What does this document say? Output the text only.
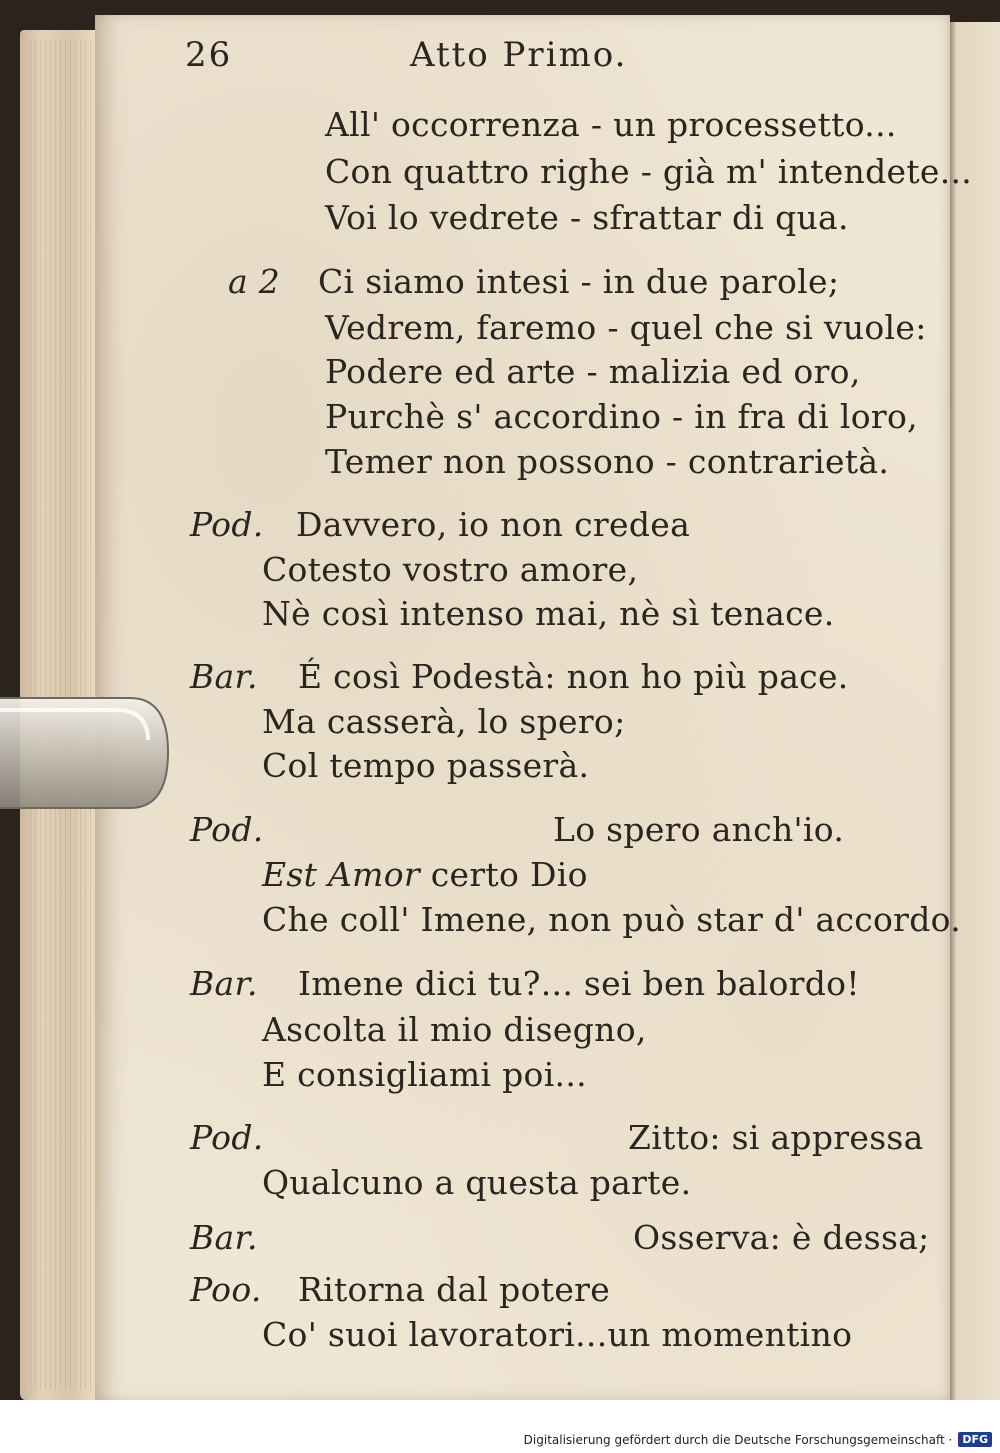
26	Atto Primo.
All' occorrenza - un processetto...
Con quattro righe - già m' intendete...
Voi lo vedrete - sfrattar di qua.
a 2 Ci siamo intesi - in due parole;
Vedrem, faremo - quel che si vuole:
Podere ed arte - malizia ed oro,
Purchè s' accordino - in fra di loro,
Temer non possono - contrarietà.
Pod. Davvero, io non credea
Cotesto vostro amore,
Nè così intenso mai, nè sì tenace.
Bar. É così Podestà: non ho più pace.
Ma casserà, lo spero;
Col tempo passerà.
Pod.	Lo spero anch'io.
Est Amor certo Dio
Che coll' Imene, non può star d' accordo.
Bar. Imene dici tu?... sei ben balordo!
Ascolta il mio disegno,
E consigliami poi...
Pod.	Zitto: si appressa
Qualcuno a questa parte.
Bar.	Osserva: è dessa;
Poo. Ritorna dal potere
Co' suoi lavoratori...un momentino
Digitalisierung gefördert durch die Deutsche Forschungsgemeinschaft · DFG
